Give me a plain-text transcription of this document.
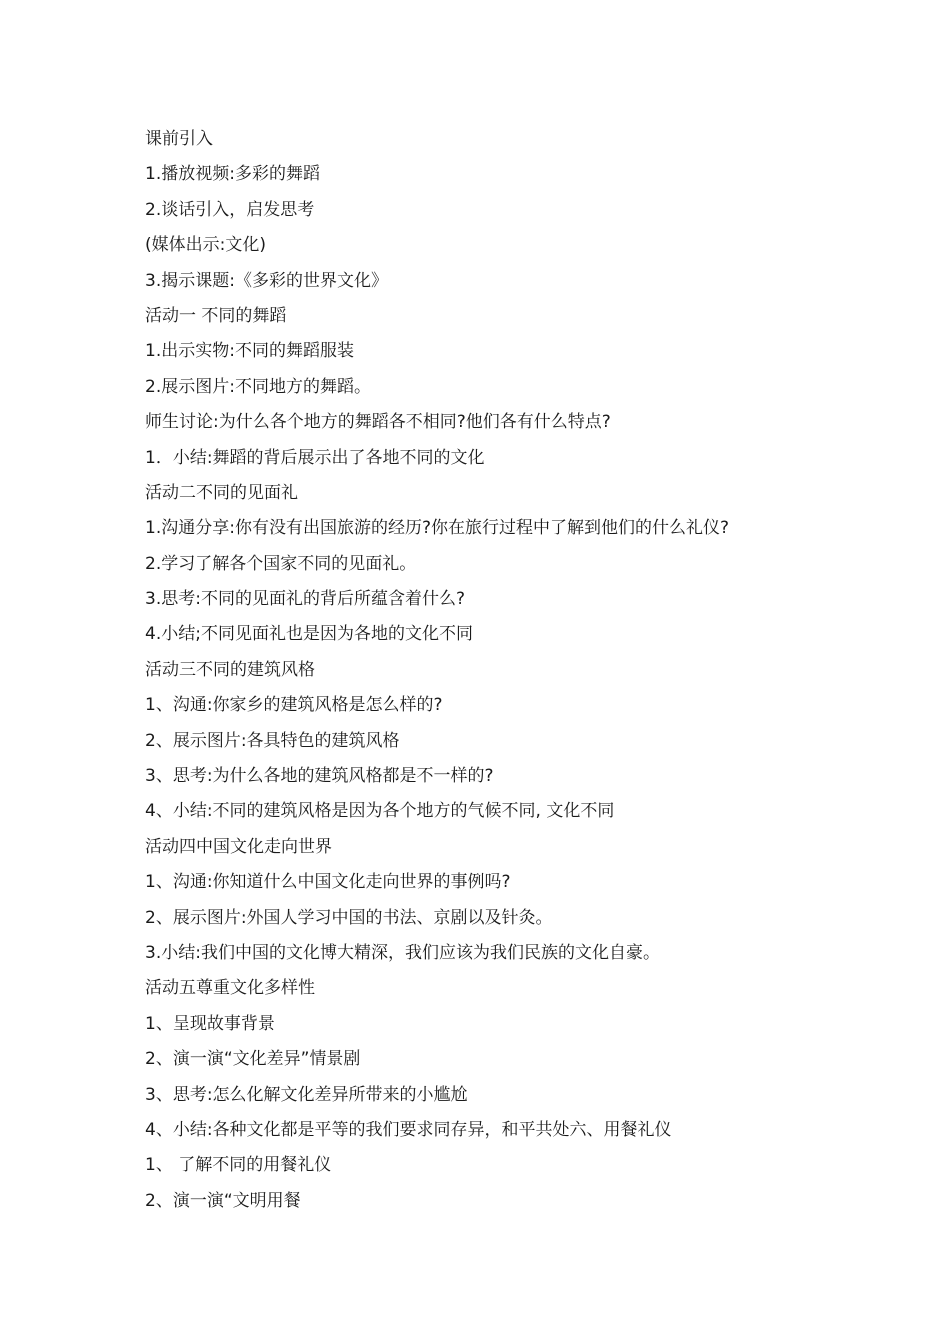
课前引入
1.播放视频:多彩的舞蹈
2.谈话引入，启发思考
(媒体出示:文化)
3.揭示课题:《多彩的世界文化》
活动一 不同的舞蹈
1.出示实物:不同的舞蹈服装
2.展示图片:不同地方的舞蹈。
师生讨论:为什么各个地方的舞蹈各不相同?他们各有什么特点?
1．小结:舞蹈的背后展示出了各地不同的文化
活动二不同的见面礼
1.沟通分享:你有没有出国旅游的经历?你在旅行过程中了解到他们的什么礼仪?
2.学习了解各个国家不同的见面礼。
3.思考:不同的见面礼的背后所蕴含着什么?
4.小结;不同见面礼也是因为各地的文化不同
活动三不同的建筑风格
1、沟通:你家乡的建筑风格是怎么样的?
2、展示图片:各具特色的建筑风格
3、思考:为什么各地的建筑风格都是不一样的?
4、小结:不同的建筑风格是因为各个地方的气候不同, 文化不同
活动四中国文化走向世界
1、沟通:你知道什么中国文化走向世界的事例吗?
2、展示图片:外国人学习中国的书法、京剧以及针灸。
3.小结:我们中国的文化博大精深，我们应该为我们民族的文化自豪。
活动五尊重文化多样性
1、呈现故事背景
2、演一演“文化差异”情景剧
3、思考:怎么化解文化差异所带来的小尴尬
4、小结:各种文化都是平等的我们要求同存异，和平共处六、用餐礼仪
1、 了解不同的用餐礼仪
2、演一演“文明用餐
